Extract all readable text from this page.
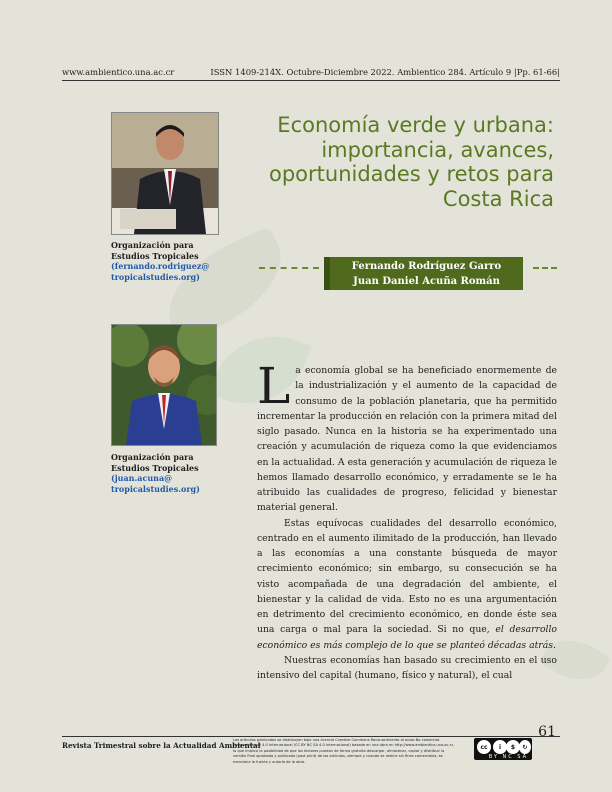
www.ambientico.una.ac.cr	ISSN 1409-214X. Octubre-Diciembre 2022. Ambientico 284. Artículo 9 |Pp. 61-66|
Organización para
Estudios Tropicales
(fernando.rodriguez@
tropicalstudies.org)
Organización para
Estudios Tropicales
(juan.acuna@
tropicalstudies.org)
Economía verde y urbana:
importancia, avances,
oportunidades y retos para
Costa Rica
Fernando Rodríguez Garro
Juan Daniel Acuña Román

La economía global se ha beneficiado enormemente de la industrialización y el aumento de la capacidad de consumo de la población planetaria, que ha permitido incrementar la producción en relación con la primera mitad del siglo pasado. Nunca en la historia se ha experimentado una creación y acumulación de riqueza como la que evidenciamos en la actualidad. A esta generación y acumulación de riqueza le hemos llamado desarrollo económico, y erradamente se le ha atribuido las cualidades de progreso, felicidad y bienestar material general.

Estas equívocas cualidades del desarrollo económico, centrado en el aumento ilimitado de la producción, han llevado a las economías a una constante búsqueda de mayor crecimiento económico; sin embargo, su consecución se ha visto acompañada de una degradación del ambiente, el bienestar y la calidad de vida. Esto no es una argumentación en detrimento del crecimiento económico, en donde éste sea una carga o mal para la sociedad. Si no que, el desarrollo económico es más complejo de lo que se planteó décadas atrás.

Nuestras economías han basado su crecimiento en el uso intensivo del capital (humano, físico y natural), el cual

61
Revista Trimestral sobre la Actualidad Ambiental
Los artículos publicados se distribuyen bajo una licencia Creative Commons Reconocimiento al autor-No comercial-Compartir igual 4.0 Internacional (CC BY NC SA 4.0 Internacional) basada en una obra en http://www.ambientico.una.ac.cr, lo que implica la posibilidad de que los lectores puedan de forma gratuita descargar, almacenar, copiar y distribuir la versión final aprobada y publicada (post print) de los artículos, siempre y cuando se realice sin fines comerciales, se mencione la fuente y autoría de la obra.
cc	i	$	↻
BY NC SA
